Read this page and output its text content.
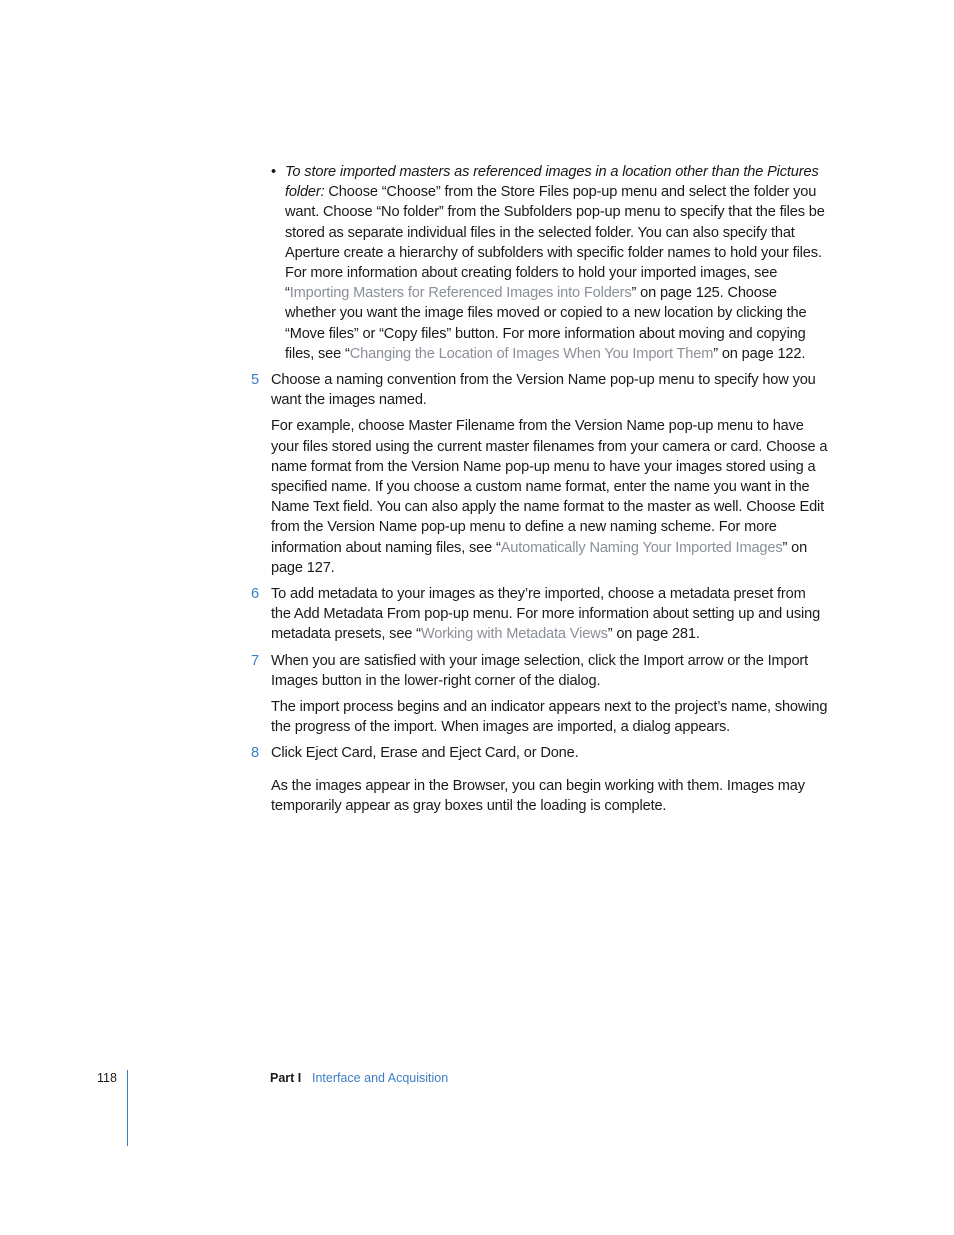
• To store imported masters as referenced images in a location other than the Pictures folder: Choose “Choose” from the Store Files pop-up menu and select the folder you want. Choose “No folder” from the Subfolders pop-up menu to specify that the files be stored as separate individual files in the selected folder. You can also specify that Aperture create a hierarchy of subfolders with specific folder names to hold your files. For more information about creating folders to hold your imported images, see “Importing Masters for Referenced Images into Folders” on page 125. Choose whether you want the image files moved or copied to a new location by clicking the “Move files” or “Copy files” button. For more information about moving and copying files, see “Changing the Location of Images When You Import Them” on page 122.

5 Choose a naming convention from the Version Name pop-up menu to specify how you want the images named.

For example, choose Master Filename from the Version Name pop-up menu to have your files stored using the current master filenames from your camera or card. Choose a name format from the Version Name pop-up menu to have your images stored using a specified name. If you choose a custom name format, enter the name you want in the Name Text field. You can also apply the name format to the master as well. Choose Edit from the Version Name pop-up menu to define a new naming scheme. For more information about naming files, see “Automatically Naming Your Imported Images” on page 127.

6 To add metadata to your images as they’re imported, choose a metadata preset from the Add Metadata From pop-up menu. For more information about setting up and using metadata presets, see “Working with Metadata Views” on page 281.

7 When you are satisfied with your image selection, click the Import arrow or the Import Images button in the lower-right corner of the dialog.

The import process begins and an indicator appears next to the project’s name, showing the progress of the import. When images are imported, a dialog appears.

8 Click Eject Card, Erase and Eject Card, or Done.

As the images appear in the Browser, you can begin working with them. Images may temporarily appear as gray boxes until the loading is complete.

118	Part I Interface and Acquisition
